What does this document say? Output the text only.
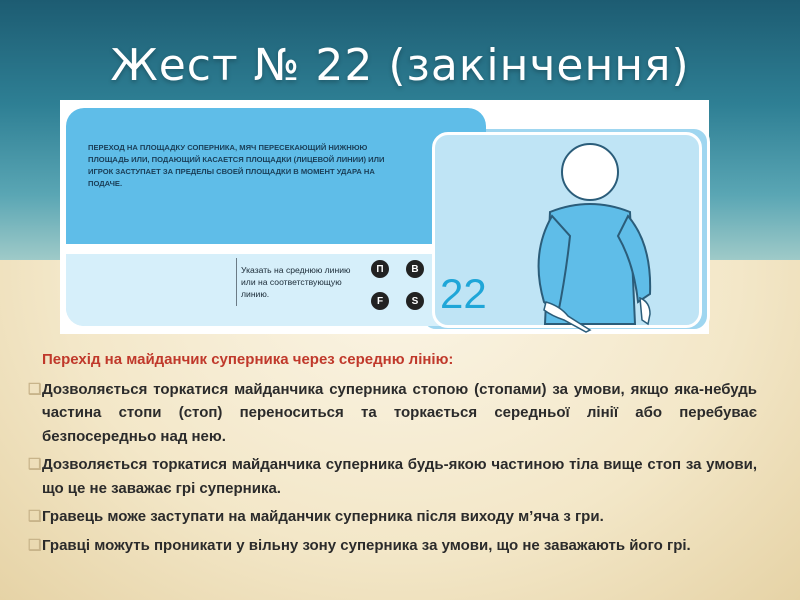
Жест № 22 (закінчення)
ПЕРЕХОД НА ПЛОЩАДКУ СОПЕРНИКА, МЯЧ ПЕРЕСЕКАЮЩИЙ НИЖНЮЮ ПЛОЩАДЬ ИЛИ, ПОДАЮЩИЙ КАСАЕТСЯ ПЛОЩАДКИ (ЛИЦЕВОЙ ЛИНИИ) ИЛИ ИГРОК ЗАСТУПАЕТ ЗА ПРЕДЕЛЫ СВОЕЙ ПЛОЩАДКИ В МОМЕНТ УДАРА НА ПОДАЧЕ.
Указать на среднюю линию или на соответствующую линию.
П	В
F	S 22
Перехід на майданчик суперника через середню лінію:
❑ Дозволяється торкатися майданчика суперника стопою (стопами) за умови, якщо яка-небудь частина стопи (стоп) переноситься та торкається середньої лінії або перебуває безпосередньо над нею.
❑ Дозволяється торкатися майданчика суперника будь-якою частиною тіла вище стоп за умови, що це не заважає грі суперника.
❑ Гравець може заступати на майданчик суперника після виходу м’яча з гри.
❑ Гравці можуть проникати у вільну зону суперника за умови, що не заважають його грі.
